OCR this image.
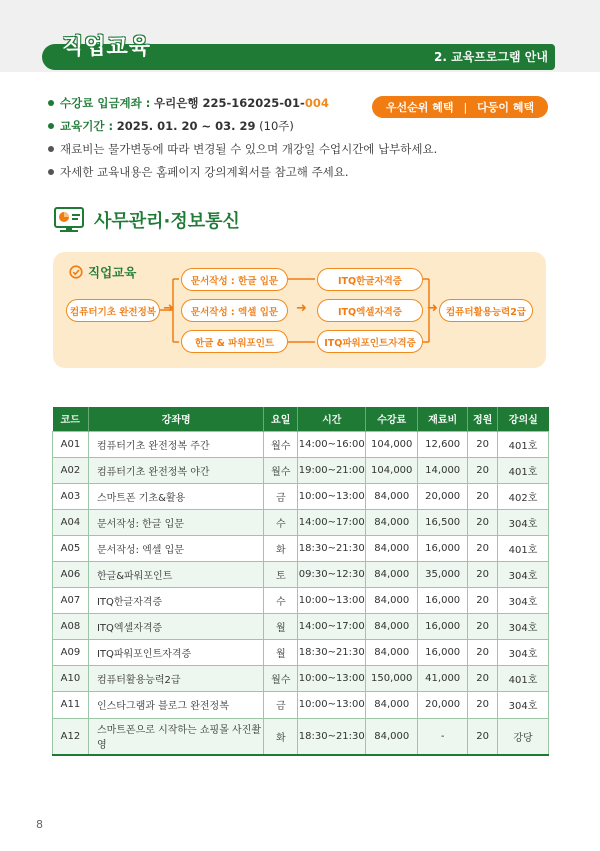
직업교육	2. 교육프로그램 안내
수강료 입금계좌 : 우리은행 225-162025-01-004
교육기간 : 2025. 01. 20 ~ 03. 29 (10주)
재료비는 물가변동에 따라 변경될 수 있으며 개강일 수업시간에 납부하세요.
자세한 교육내용은 홈페이지 강의계획서를 참고해 주세요.
우선순위 혜택 | 다둥이 혜택
사무관리·정보통신
직업교육
컴퓨터기초 완전정복 ➜
문서작성 : 한글 입문
문서작성 : 엑셀 입문
한글 & 파워포인트
➜
ITQ한글자격증
ITQ엑셀자격증
ITQ파워포인트자격증
➜ 컴퓨터활용능력2급
코드	강좌명	요일	시간	수강료	재료비	정원	강의실
A01	컴퓨터기초 완전정복 주간	월수	14:00~16:00	104,000	12,600	20	401호
A02	컴퓨터기초 완전정복 야간	월수	19:00~21:00	104,000	14,000	20	401호
A03	스마트폰 기초&활용	금	10:00~13:00	84,000	20,000	20	402호
A04	문서작성: 한글 입문	수	14:00~17:00	84,000	16,500	20	304호
A05	문서작성: 엑셀 입문	화	18:30~21:30	84,000	16,000	20	401호
A06	한글&파워포인트	토	09:30~12:30	84,000	35,000	20	304호
A07	ITQ한글자격증	수	10:00~13:00	84,000	16,000	20	304호
A08	ITQ엑셀자격증	월	14:00~17:00	84,000	16,000	20	304호
A09	ITQ파워포인트자격증	월	18:30~21:30	84,000	16,000	20	304호
A10	컴퓨터활용능력2급	월수	10:00~13:00	150,000	41,000	20	401호
A11	인스타그램과 블로그 완전정복	금	10:00~13:00	84,000	20,000	20	304호
A12	스마트폰으로 시작하는 쇼핑몰 사진촬영	화	18:30~21:30	84,000	-	20	강당
8
